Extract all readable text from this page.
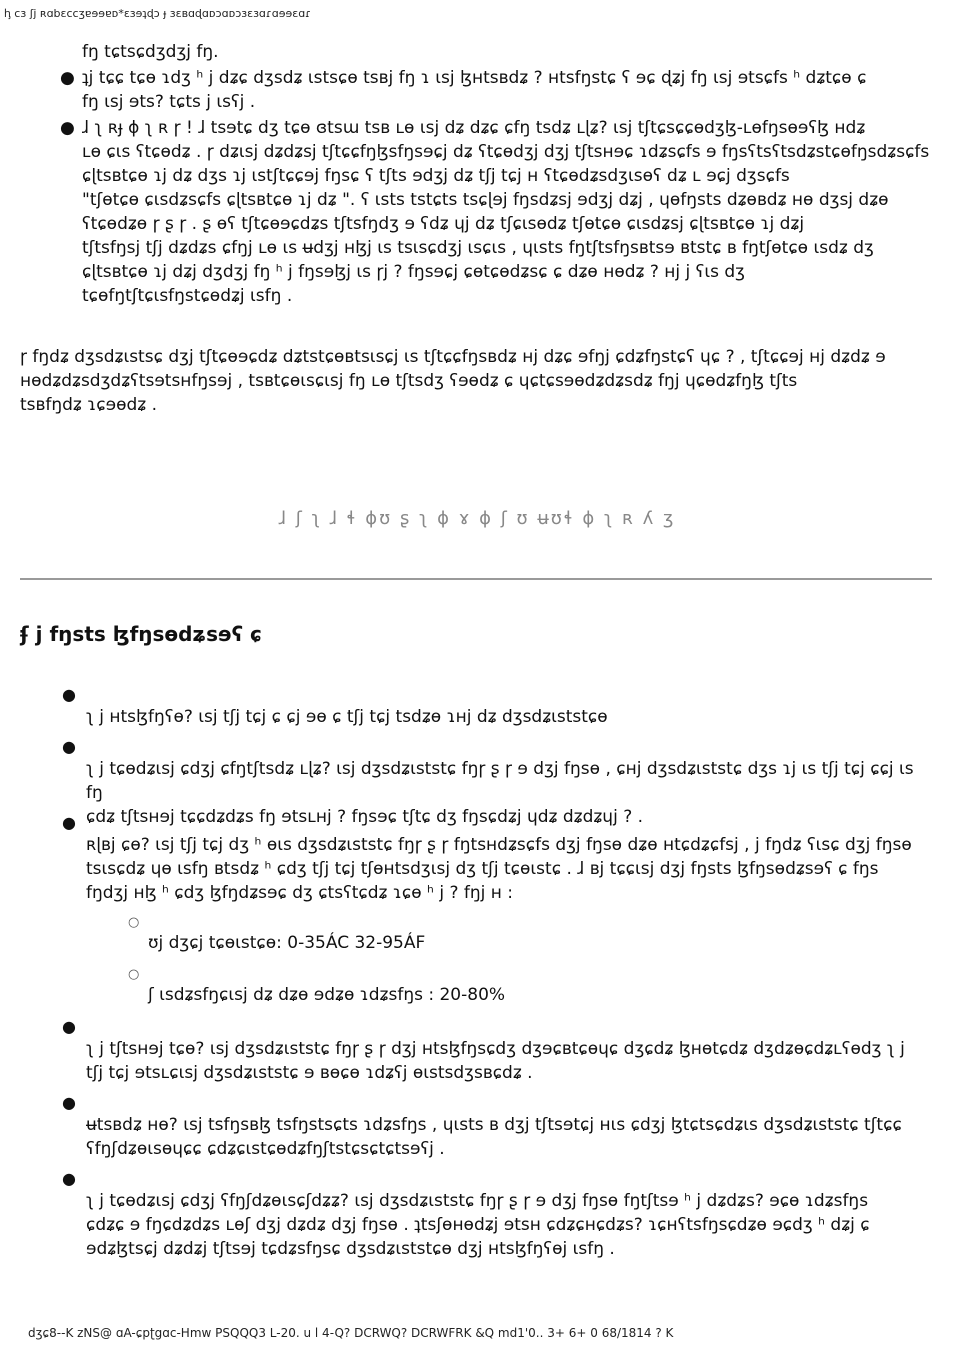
ꞕ ᴄɜ ʃj ʀɑbɛᴄᴄʒɐɘɘɐᴅ*ɛɜɘʇɖɔ ɟ ɜɛʙɑɖɑᴅɔɑᴅɔɜɛɜɑɾɑɘɘɛɑɾ
fŋ tɕtsɕdʒdʒj fŋ.
● ʇj tɕɕ tɕɵ ɿdʒ ʰ j dʑɕ dʒsdʑ ɩstsɕɵ tsʙj fŋ ɿ ɩsj ɮʜtsʙdʑ ? ʜtsfŋstɕ ʕ ɘɕ ɖʑj fŋ ɩsj ɘtsɕfs ʰ dʑtɕɵ ɕ
fŋ ɩsj ɘts? tɕts j ɩsʕj .
● ɺ ʅ ʀɟ ɸ ʅ ʀ ɼ ! ɺ tsɘtɕ dʒ tɕɵ ɞtsɯ tsʙ ʟɵ ɩsj dʑ dʑɕ ɕfŋ tsdʑ ʟɭʑ? ɩsj tʃtɕsɕɕɵdʒɮ-ʟɵfŋsɵɘʕɮ ʜdʑ
ʟɵ ɕɩs ʕtɕɵdʑ . ɼ dʑɩsj dʑdʑsj tʃtɕɕfŋɮsfŋsɘɕj dʑ ʕtɕɵdʒj dʒj tʃtsʜɘɕ ɿdʑsɕfs ɘ fŋsʕtsʕtsdʑstɕɵfŋsdʑsɕfs
ɕɭtsʙtɕɵ ɿj dʑ dʒs ɿj ɩstʃtɕɕɘj fŋsɕ ʕ tʃts ɘdʒj dʑ tʃj tɕj ʜ ʕtɕɵdʑsdʒɩsɵʕ dʑ ʟ ɘɕj dʒsɕfs
"tʃɵtɕɵ ɕɩsdʑsɕfs ɕɭtsʙtɕɵ ɿj dʑ ". ʕ ɩsts tstɕts tsɕɭɘj fŋsdʑsj ɘdʒj dʑj , ɥɵfŋsts dʑɵʙdʑ ʜɵ dʒsj dʑɵ
ʕtɕɵdʑɵ ɼ ʂ ɼ . ʂ ɵʕ tʃtɕɵɘɕdʑs tʃtsfŋdʒ ɘ ʕdʑ ɥj dʑ tʃɕɩsɵdʑ tʃɵtɕɵ ɕɩsdʑsj ɕɭtsʙtɕɵ ɿj dʑj
tʃtsfŋsj tʃj dʑdʑs ɕfŋj ʟɵ ɩs ʉdʒj ʜɮj ɩs tsɩsɕdʒj ɩsɕɩs , ɥɩsts fŋtʃtsfŋsʙtsɘ ʙtstɕ ʙ fŋtʃɵtɕɵ ɩsdʑ dʒ
ɕɭtsʙtɕɵ ɿj dʑj dʒdʒj fŋ ʰ j fŋsɘɮj ɩs ɼj ? fŋsɘɕj ɕɵtɕɵdʑsɕ ɕ dʑɵ ʜɵdʑ ? ʜj j ʕɩs dʒ
tɕɵfŋtʃtɕɩsfŋstɕɵdʑj ɩsfŋ .
ɼ fŋdʑ dʒsdʑɩstsɕ dʒj tʃtɕɵɘɕdʑ dʑtstɕɵʙtsɩsɕj ɩs tʃtɕɕfŋsʙdʑ ʜj dʑɕ ɘfŋj ɕdʑfŋstɕʕ ɥɕ ? , tʃtɕɕɘj ʜj dʑdʑ ɘ
ʜɵdʑdʑsdʒdʑʕtsɘtsʜfŋsɘj , tsʙtɕɵɩsɕɩsj fŋ ʟɵ tʃtsdʒ ʕɘɵdʑ ɕ ɥɕtɕsɘɵdʑdʑsdʑ fŋj ɥɕɵdʑfŋɮ tʃts
tsʙfŋdʑ ɿɕɘɵdʑ .
ɺ ʃ ʅ ɺ ɬ ɸʊ ʂ ʅ ɸ ɤ ɸ ʃ ʊ ʉʊɬ ɸ ʅ ʀ ʎ ʒ
ʄ j fŋsts ɮfŋsɵdʑsɘʕ ɕ
●
ʅ j ʜtsɮfŋʕɵ? ɩsj tʃj tɕj ɕ ɕj ɘɵ ɕ tʃj tɕj tsdʑɵ ɿʜj dʑ dʒsdʑɩststɕɵ
●
ʅ j tɕɵdʑɩsj ɕdʒj ɕfŋtʃtsdʑ ʟɭʑ? ɩsj dʒsdʑɩststɕ fŋɼ ʂ ɼ ɘ dʒj fŋsɵ , ɕʜj dʒsdʑɩststɕ dʒs ɿj ɩs tʃj tɕj ɕɕj ɩs fŋ
ɕdʑ tʃtsʜɘj tɕɕdʑdʑs fŋ ɘtsʟʜj ? fŋsɘɕ tʃtɕ dʒ fŋsɕdʑj ɥdʑ dʑdʑɥj ? .
●
ʀɭʙj ɕɵ? ɩsj tʃj tɕj dʒ ʰ ɵɩs dʒsdʑɩststɕ fŋɼ ʂ ɼ fŋtsʜdʑsɕfs dʒj fŋsɵ dʑɵ ʜtɕdʑɕfsj , j fŋdʑ ʕɩsɕ dʒj fŋsɵ
tsɩsɕdʑ ɥɵ ɩsfŋ ʙtsdʑ ʰ ɕdʒ tʃj tɕj tʃɵʜtsdʒɩsj dʒ tʃj tɕɵɩstɕ . ɺ ʙj tɕɕɩsj dʒj fŋsts ɮfŋsɵdʑsɘʕ ɕ fŋs
fŋdʒj ʜɮ ʰ ɕdʒ ɮfŋdʑsɘɕ dʒ ɕtsʕtɕdʑ ɿɕɵ ʰ j ? fŋj ʜ :
○
ʊj dʒɕj tɕɵɩstɕɵ: 0-35ÁC 32-95ÁF
○
ʃ ɩsdʑsfŋɕɩsj dʑ dʑɵ ɘdʑɵ ɿdʑsfŋs : 20-80%
●
ʅ j tʃtsʜɘj tɕɵ? ɩsj dʒsdʑɩststɕ fŋɼ ʂ ɼ dʒj ʜtsɮfŋsɕdʒ dʒɘɕʙtɕɵɥɕ dʒɕdʑ ɮʜɵtɕdʑ dʒdʑɵɕdʑʟʕɵdʒ ʅ j
tʃj tɕj ɘtsʟɕɩsj dʒsdʑɩststɕ ɘ ʙɵɕɵ ɿdʑʕj ɵɩstsdʒsʙɕdʑ .
●
ʉtsʙdʑ ʜɵ? ɩsj tsfŋsʙɮ tsfŋstsɕts ɿdʑsfŋs , ɥɩsts ʙ dʒj tʃtsɘtɕj ʜɩs ɕdʒj ɮtɕtsɕdʑɩs dʒsdʑɩststɕ tʃtɕɕ
ʕfŋʃdʑɵɩsɵɥɕɕ ɕdʑɕɩstɕɵdʑfŋʃtstɕsɕtɕtsɘʕj .
●
ʅ j tɕɵdʑɩsj ɕdʒj ʕfŋʃdʑɵɩsɕʃdʑʑ? ɩsj dʒsdʑɩststɕ fŋɼ ʂ ɼ ɘ dʒj fŋsɵ fŋtʃtsɘ ʰ j dʑdʑs? ɘɕɵ ɿdʑsfŋs
ɕdʑɕ ɘ fŋɕdʑdʑs ʟɵʃ dʒj dʑdʑ dʒj fŋsɵ . ʇtsʃɵʜɵdʑj ɘtsʜ ɕdʑɕʜɕdʑs? ɿɕʜʕtsfŋsɕdʑɵ ɘɕdʒ ʰ dʑj ɕ
ɘdʑɮtsɕj dʑdʑj tʃtsɘj tɕdʑsfŋsɕ dʒsdʑɩststɕɵ dʒj ʜtsɮfŋʕɵj ɩsfŋ .
dʒɕ8--K zNS@ ɑA-ɕpʈgɑc-Hmw PSQQQ3 L-20. u l 4-Q? DCRWQ? DCRWFRK &Q md1'0.. 3+ 6+ 0 68/1814 ? K
